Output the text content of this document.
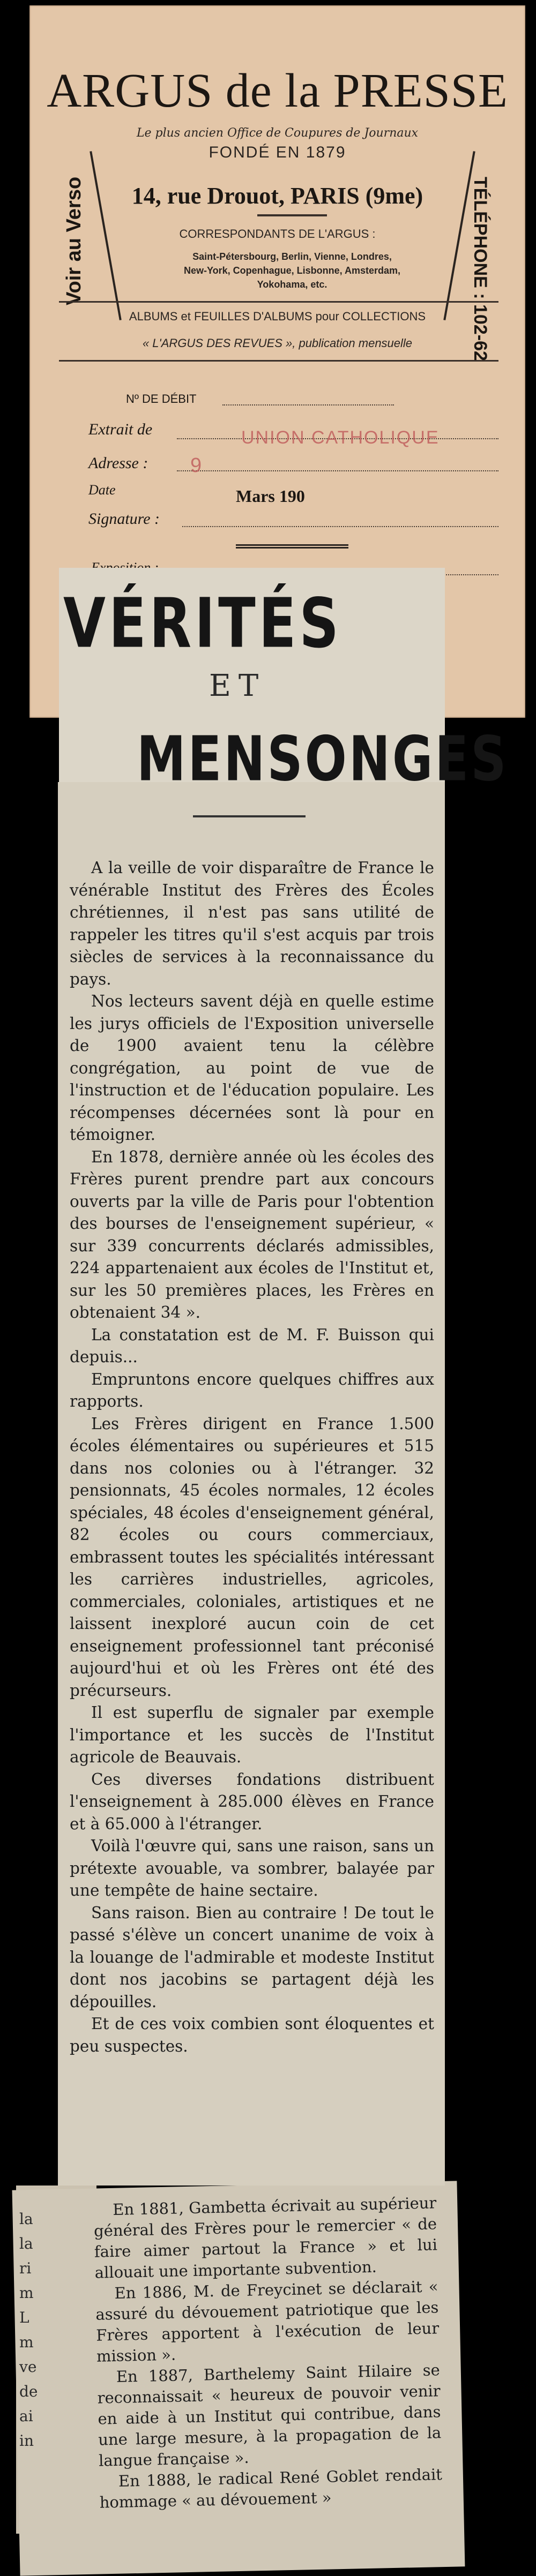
ARGUS de la PRESSE
Le plus ancien Office de Coupures de Journaux
FONDÉ EN 1879
Voir au Verso	TÉLÉPHONE : 102-62
14, rue Drouot, PARIS (9me)
CORRESPONDANTS DE L'ARGUS :
Saint-Pétersbourg, Berlin, Vienne, Londres,
New-York, Copenhague, Lisbonne, Amsterdam,
Yokohama, etc.
ALBUMS et FEUILLES D'ALBUMS pour COLLECTIONS
« L'ARGUS DES REVUES », publication mensuelle
Nº DE DÉBIT
Extrait de	UNION CATHOLIQUE
Adresse : 9
Date	Mars 190
Signature :
VÉRITÉS
ET
MENSONGES

A la veille de voir disparaître de France le vénérable Institut des Frères des Écoles chrétiennes, il n'est pas sans utilité de rappeler les titres qu'il s'est acquis par trois siècles de services à la reconnaissance du pays.

Nos lecteurs savent déjà en quelle estime les jurys officiels de l'Exposition universelle de 1900 avaient tenu la célèbre congrégation, au point de vue de l'instruction et de l'éducation populaire. Les récompenses décernées sont là pour en témoigner.

En 1878, dernière année où les écoles des Frères purent prendre part aux concours ouverts par la ville de Paris pour l'obtention des bourses de l'enseignement supérieur, « sur 339 concurrents déclarés admissibles, 224 appartenaient aux écoles de l'Institut et, sur les 50 premières places, les Frères en obtenaient 34 ».

La constatation est de M. F. Buisson qui depuis...

Empruntons encore quelques chiffres aux rapports.

Les Frères dirigent en France 1.500 écoles élémentaires ou supérieures et 515 dans nos colonies ou à l'étranger. 32 pensionnats, 45 écoles normales, 12 écoles spéciales, 48 écoles d'enseignement général, 82 écoles ou cours commerciaux, embrassent toutes les spécialités intéressant les carrières industrielles, agricoles, commerciales, coloniales, artistiques et ne laissent inexploré aucun coin de cet enseignement professionnel tant préconisé aujourd'hui et où les Frères ont été des précurseurs.

Il est superflu de signaler par exemple l'importance et les succès de l'Institut agricole de Beauvais.

Ces diverses fondations distribuent l'enseignement à 285.000 élèves en France et à 65.000 à l'étranger.

Voilà l'œuvre qui, sans une raison, sans un prétexte avouable, va sombrer, balayée par une tempête de haine sectaire.

Sans raison. Bien au contraire ! De tout le passé s'élève un concert unanime de voix à la louange de l'admirable et modeste Institut dont nos jacobins se partagent déjà les dépouilles.

Et de ces voix combien sont éloquentes et peu suspectes.

la
la
ri
m
L
m
ve
de
ai
in

En 1881, Gambetta écrivait au supérieur général des Frères pour le remercier « de faire aimer partout la France » et lui allouait une importante subvention.

En 1886, M. de Freycinet se déclarait « assuré du dévouement patriotique que les Frères apportent à l'exécution de leur mission ».

En 1887, Barthelemy Saint Hilaire se reconnaissait « heureux de pouvoir venir en aide à un Institut qui contribue, dans une large mesure, à la propagation de la langue française ».

En 1888, le radical René Goblet rendait hommage « au dévouement »
